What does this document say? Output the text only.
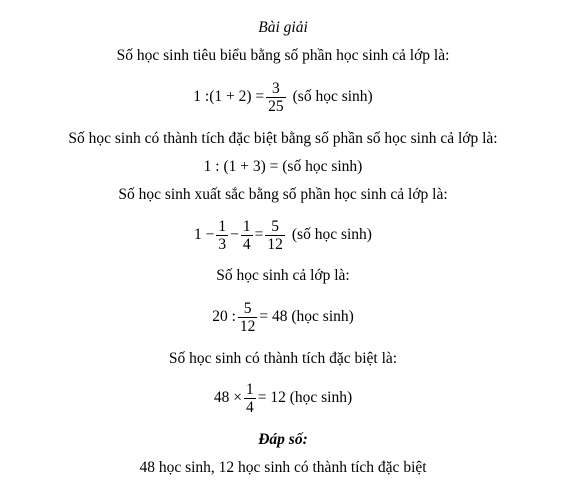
Bài giải
Số học sinh tiêu biểu bằng số phần học sinh cả lớp là:
1 :(1 + $2) = \frac{3}{25}$ (số học sinh)
Số học sinh có thành tích đặc biệt bằng số phần số học sinh cả lớp là:
1 : (1 + 3) = (số học sinh)
Số học sinh xuất sắc bằng số phần học sinh cả lớp là:
$1 - \frac{1}{3} - \frac{1}{4} = \frac{5}{12}$ (số học sinh)
Số học sinh cả lớp là:
20 : $\frac{5}{12} = 48$ (học sinh)
Số học sinh có thành tích đặc biệt là:
$48 \times \frac{1}{4} = 12$ (học sinh)
Đáp số:
48 học sinh, 12 học sinh có thành tích đặc biệt
